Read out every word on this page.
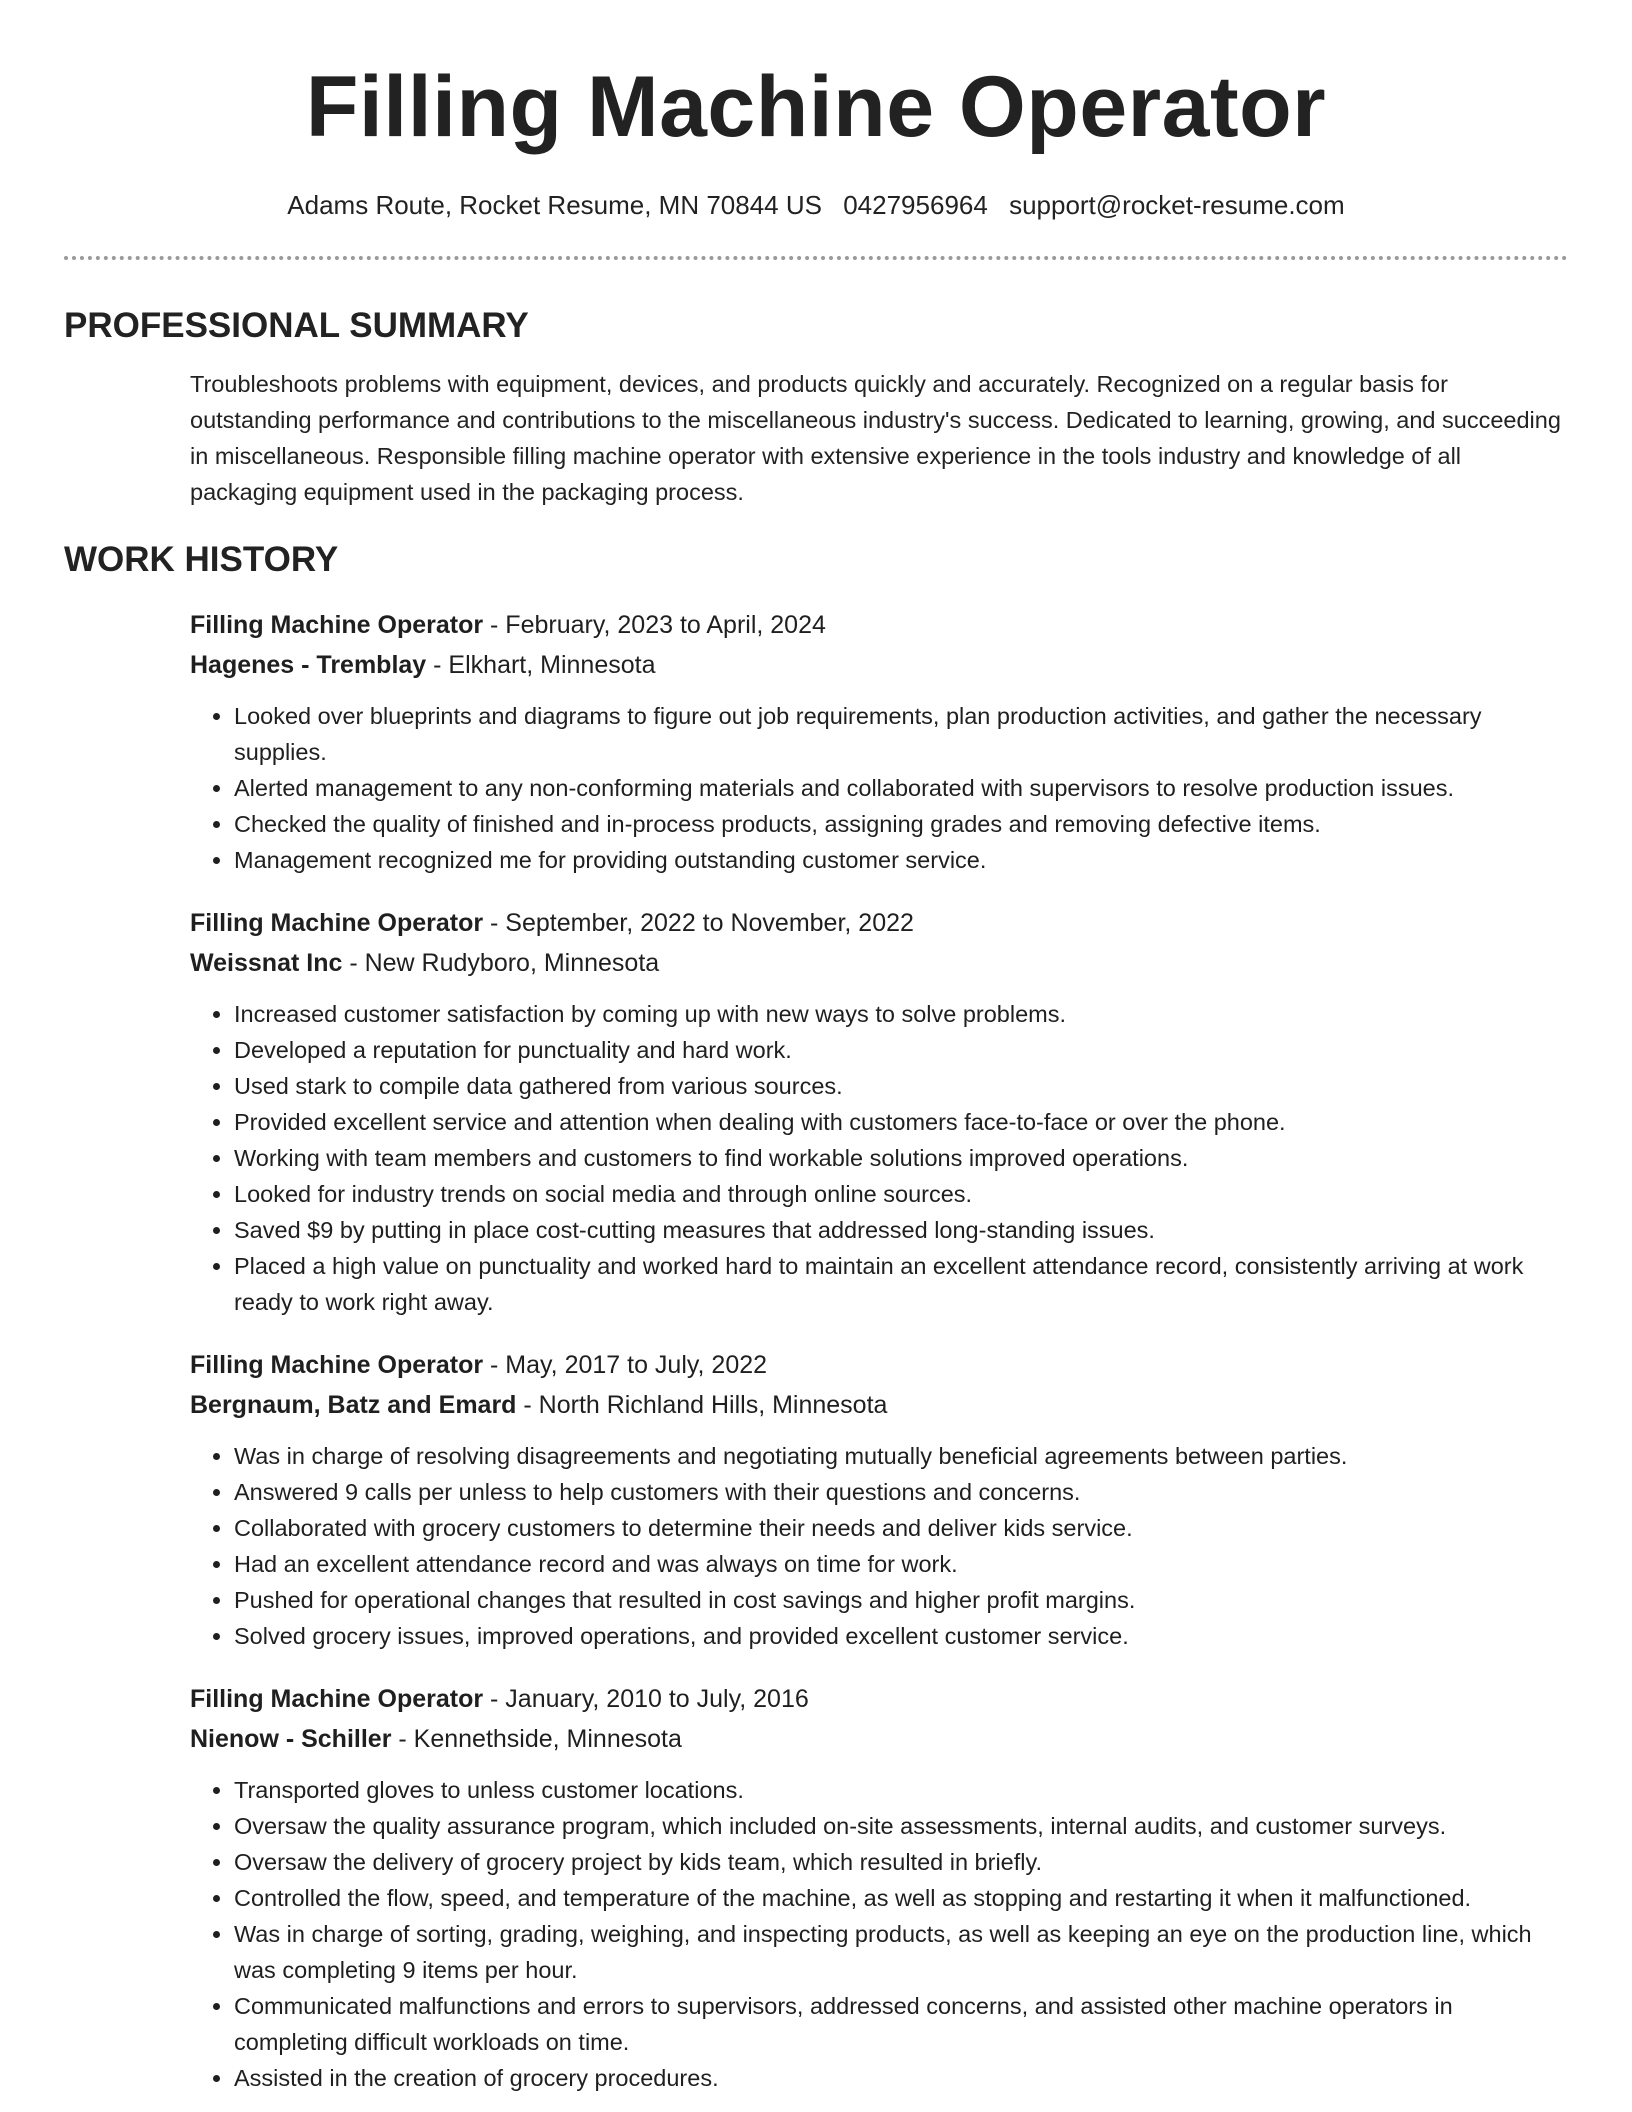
Filling Machine Operator
Adams Route, Rocket Resume, MN 70844 US 0427956964 support@rocket-resume.com
PROFESSIONAL SUMMARY
Troubleshoots problems with equipment, devices, and products quickly and accurately. Recognized on a regular basis for outstanding performance and contributions to the miscellaneous industry's success. Dedicated to learning, growing, and succeeding in miscellaneous. Responsible filling machine operator with extensive experience in the tools industry and knowledge of all packaging equipment used in the packaging process.
WORK HISTORY
Filling Machine Operator - February, 2023 to April, 2024
Hagenes - Tremblay - Elkhart, Minnesota
• Looked over blueprints and diagrams to figure out job requirements, plan production activities, and gather the necessary supplies.
• Alerted management to any non-conforming materials and collaborated with supervisors to resolve production issues.
• Checked the quality of finished and in-process products, assigning grades and removing defective items.
• Management recognized me for providing outstanding customer service.
Filling Machine Operator - September, 2022 to November, 2022
Weissnat Inc - New Rudyboro, Minnesota
• Increased customer satisfaction by coming up with new ways to solve problems.
• Developed a reputation for punctuality and hard work.
• Used stark to compile data gathered from various sources.
• Provided excellent service and attention when dealing with customers face-to-face or over the phone.
• Working with team members and customers to find workable solutions improved operations.
• Looked for industry trends on social media and through online sources.
• Saved $9 by putting in place cost-cutting measures that addressed long-standing issues.
• Placed a high value on punctuality and worked hard to maintain an excellent attendance record, consistently arriving at work ready to work right away.
Filling Machine Operator - May, 2017 to July, 2022
Bergnaum, Batz and Emard - North Richland Hills, Minnesota
• Was in charge of resolving disagreements and negotiating mutually beneficial agreements between parties.
• Answered 9 calls per unless to help customers with their questions and concerns.
• Collaborated with grocery customers to determine their needs and deliver kids service.
• Had an excellent attendance record and was always on time for work.
• Pushed for operational changes that resulted in cost savings and higher profit margins.
• Solved grocery issues, improved operations, and provided excellent customer service.
Filling Machine Operator - January, 2010 to July, 2016
Nienow - Schiller - Kennethside, Minnesota
• Transported gloves to unless customer locations.
• Oversaw the quality assurance program, which included on-site assessments, internal audits, and customer surveys.
• Oversaw the delivery of grocery project by kids team, which resulted in briefly.
• Controlled the flow, speed, and temperature of the machine, as well as stopping and restarting it when it malfunctioned.
• Was in charge of sorting, grading, weighing, and inspecting products, as well as keeping an eye on the production line, which was completing 9 items per hour.
• Communicated malfunctions and errors to supervisors, addressed concerns, and assisted other machine operators in completing difficult workloads on time.
• Assisted in the creation of grocery procedures.
